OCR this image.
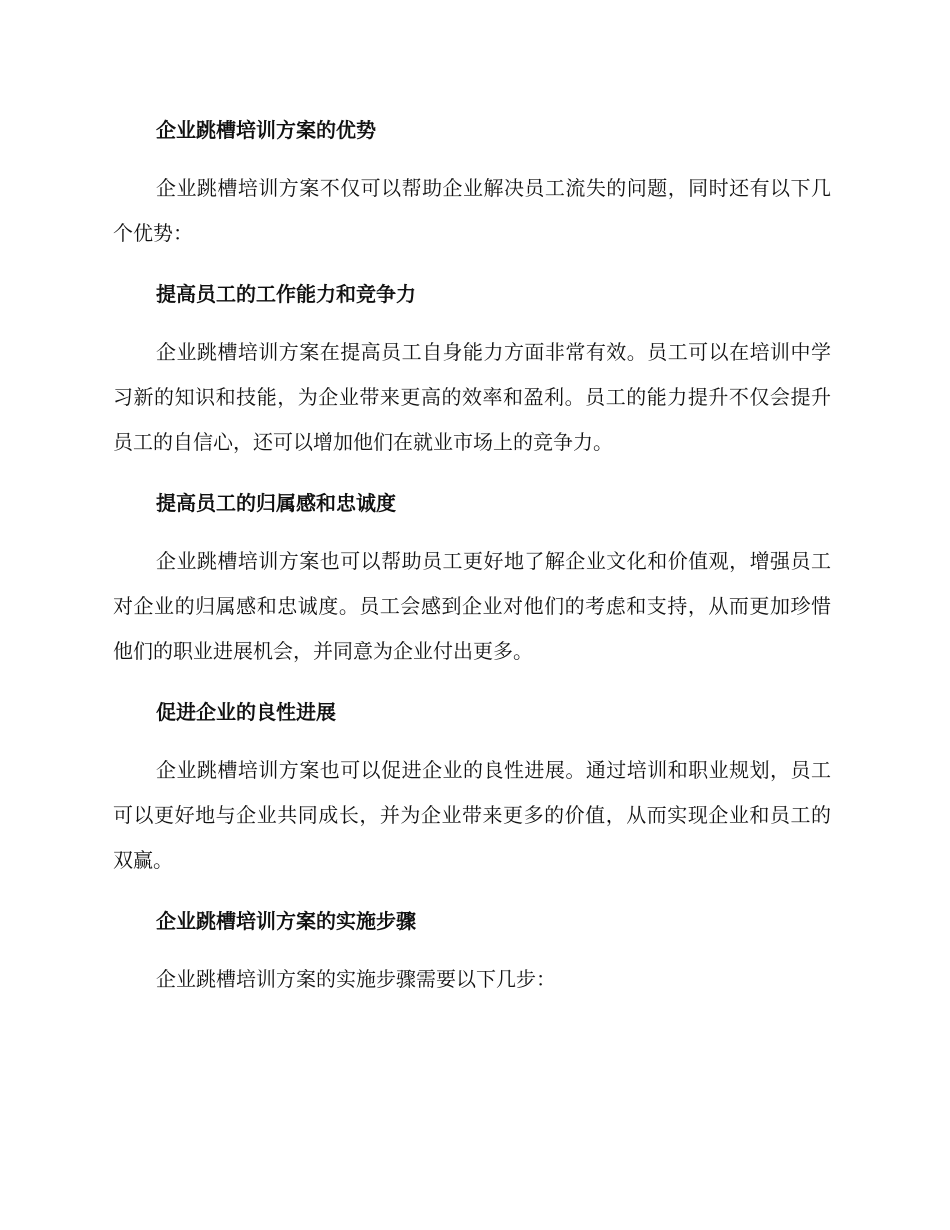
企业跳槽培训方案的优势

企业跳槽培训方案不仅可以帮助企业解决员工流失的问题，同时还有以下几个优势：

提高员工的工作能力和竞争力

企业跳槽培训方案在提高员工自身能力方面非常有效。员工可以在培训中学习新的知识和技能，为企业带来更高的效率和盈利。员工的能力提升不仅会提升员工的自信心，还可以增加他们在就业市场上的竞争力。

提高员工的归属感和忠诚度

企业跳槽培训方案也可以帮助员工更好地了解企业文化和价值观，增强员工对企业的归属感和忠诚度。员工会感到企业对他们的考虑和支持，从而更加珍惜他们的职业进展机会，并同意为企业付出更多。

促进企业的良性进展

企业跳槽培训方案也可以促进企业的良性进展。通过培训和职业规划，员工可以更好地与企业共同成长，并为企业带来更多的价值，从而实现企业和员工的双赢。

企业跳槽培训方案的实施步骤

企业跳槽培训方案的实施步骤需要以下几步：
